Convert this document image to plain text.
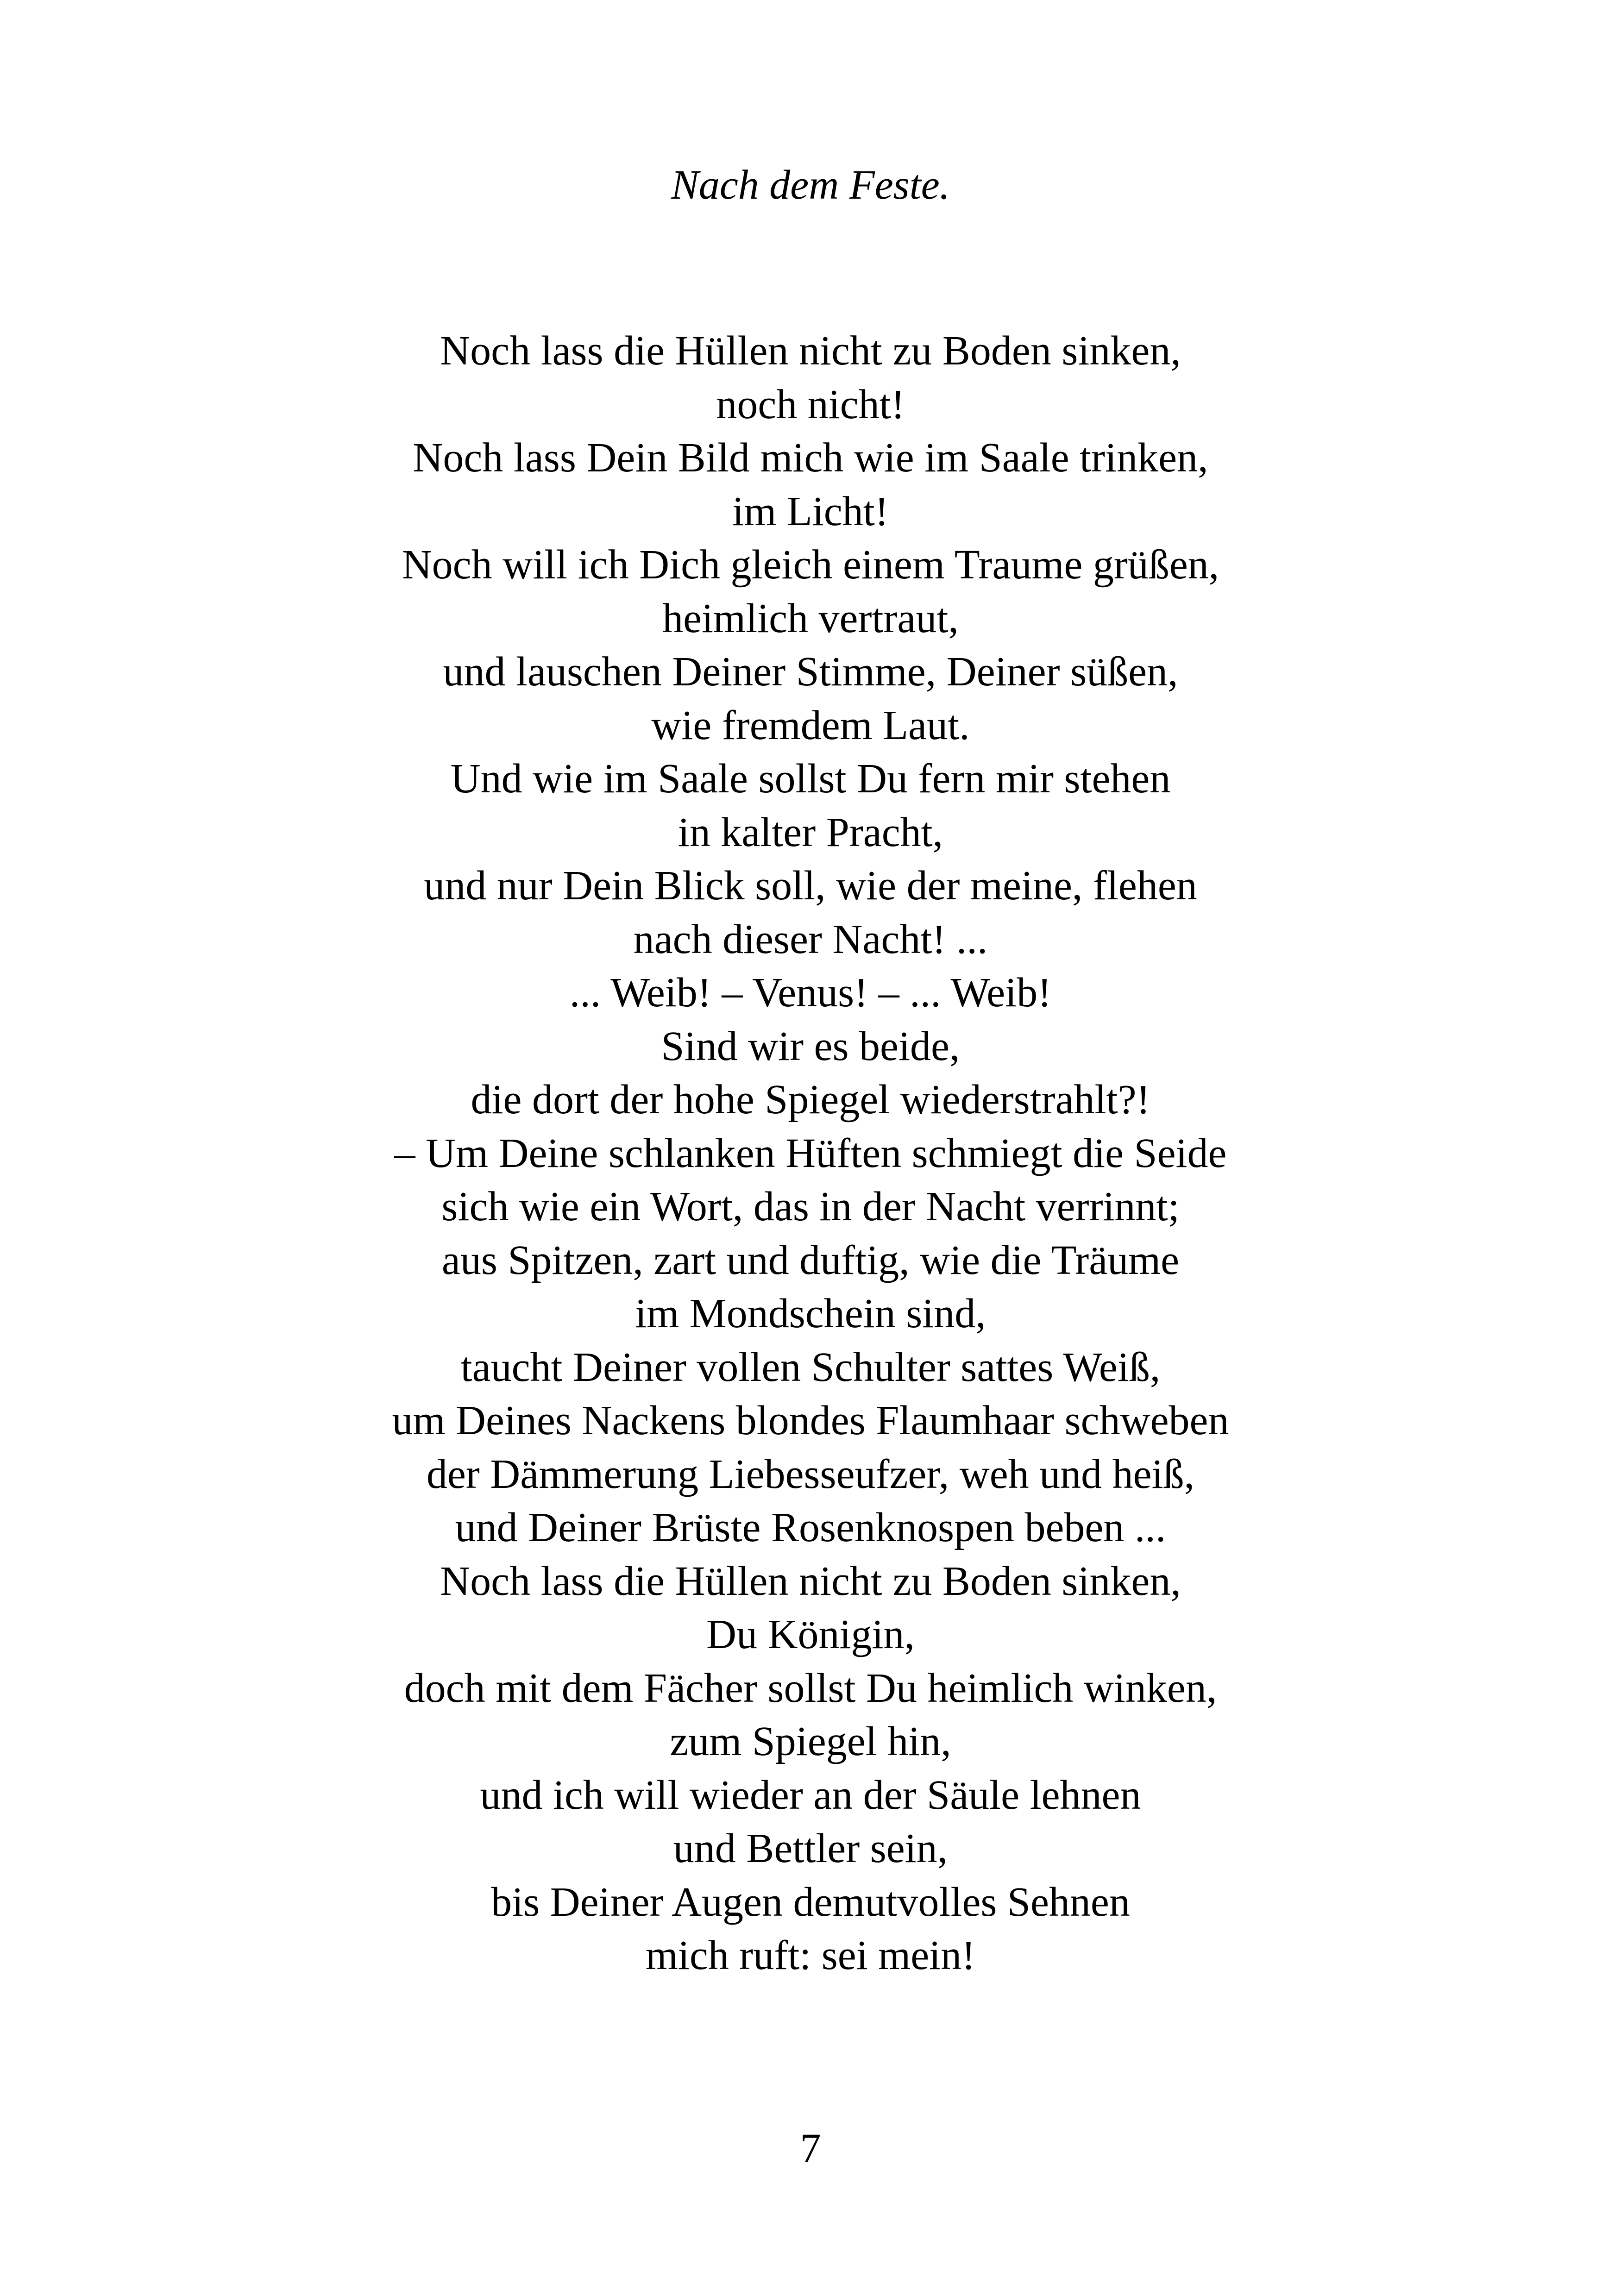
Nach dem Feste.
Noch lass die Hüllen nicht zu Boden sinken,
noch nicht!
Noch lass Dein Bild mich wie im Saale trinken,
im Licht!
Noch will ich Dich gleich einem Traume grüßen,
heimlich vertraut,
und lauschen Deiner Stimme, Deiner süßen,
wie fremdem Laut.
Und wie im Saale sollst Du fern mir stehen
in kalter Pracht,
und nur Dein Blick soll, wie der meine, flehen
nach dieser Nacht! ...
... Weib! – Venus! – ... Weib!
Sind wir es beide,
die dort der hohe Spiegel wiederstrahlt?!
– Um Deine schlanken Hüften schmiegt die Seide
sich wie ein Wort, das in der Nacht verrinnt;
aus Spitzen, zart und duftig, wie die Träume
im Mondschein sind,
taucht Deiner vollen Schulter sattes Weiß,
um Deines Nackens blondes Flaumhaar schweben
der Dämmerung Liebesseufzer, weh und heiß,
und Deiner Brüste Rosenknospen beben ...
Noch lass die Hüllen nicht zu Boden sinken,
Du Königin,
doch mit dem Fächer sollst Du heimlich winken,
zum Spiegel hin,
und ich will wieder an der Säule lehnen
und Bettler sein,
bis Deiner Augen demutvolles Sehnen
mich ruft: sei mein!
7
